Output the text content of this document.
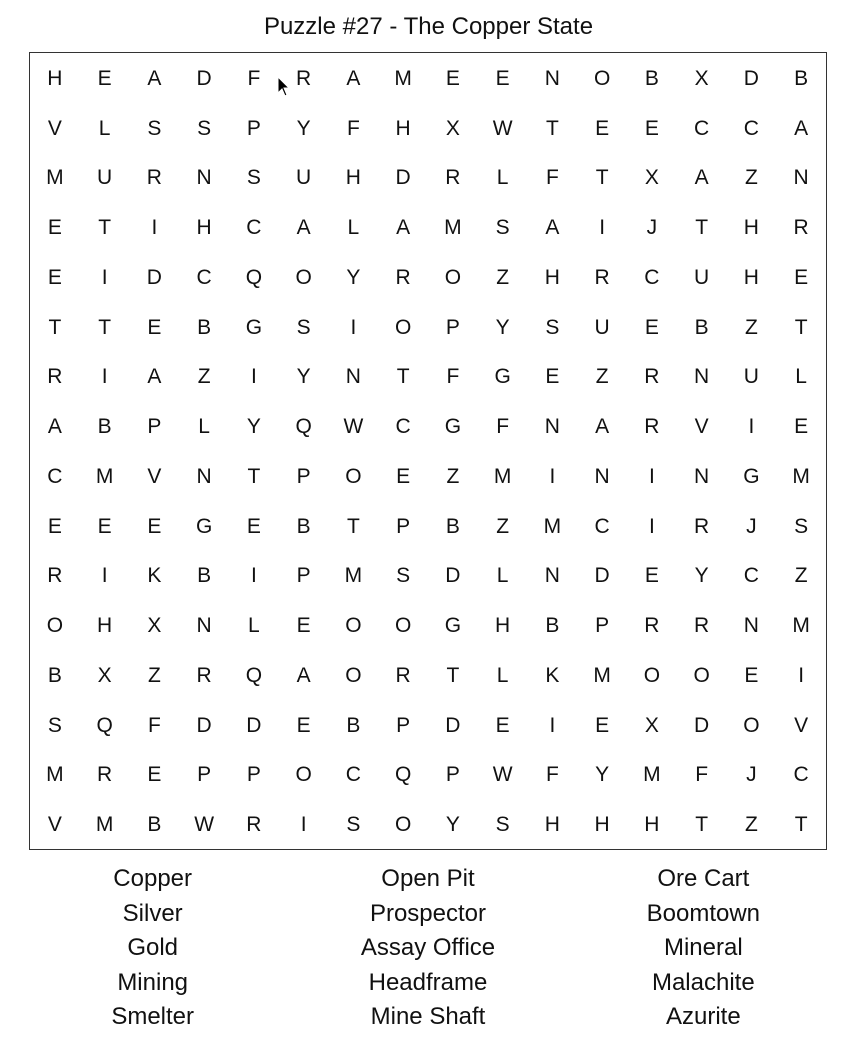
Puzzle #27 - The Copper State
H	E	A	D	F	R	A	M	E	E	N	O	B	X	D	B
V	L	S	S	P	Y	F	H	X	W	T	E	E	C	C	A
M	U	R	N	S	U	H	D	R	L	F	T	X	A	Z	N
E	T	I	H	C	A	L	A	M	S	A	I	J	T	H	R
E	I	D	C	Q	O	Y	R	O	Z	H	R	C	U	H	E
T	T	E	B	G	S	I	O	P	Y	S	U	E	B	Z	T
R	I	A	Z	I	Y	N	T	F	G	E	Z	R	N	U	L
A	B	P	L	Y	Q	W	C	G	F	N	A	R	V	I	E
C	M	V	N	T	P	O	E	Z	M	I	N	I	N	G	M
E	E	E	G	E	B	T	P	B	Z	M	C	I	R	J	S
R	I	K	B	I	P	M	S	D	L	N	D	E	Y	C	Z
O	H	X	N	L	E	O	O	G	H	B	P	R	R	N	M
B	X	Z	R	Q	A	O	R	T	L	K	M	O	O	E	I
S	Q	F	D	D	E	B	P	D	E	I	E	X	D	O	V
M	R	E	P	P	O	C	Q	P	W	F	Y	M	F	J	C
V	M	B	W	R	I	S	O	Y	S	H	H	H	T	Z	T
Copper
Silver
Gold
Mining
Smelter
Open Pit
Prospector
Assay Office
Headframe
Mine Shaft
Ore Cart
Boomtown
Mineral
Malachite
Azurite
